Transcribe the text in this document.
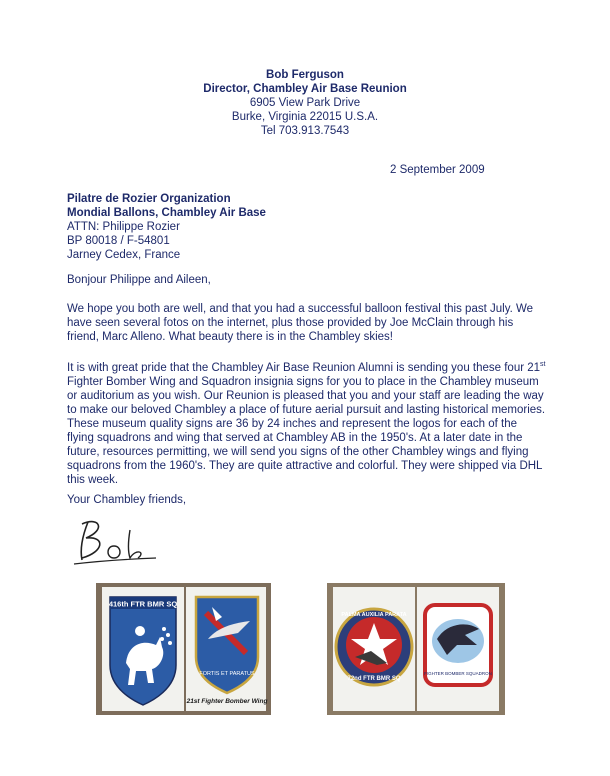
Bob Ferguson
Director, Chambley Air Base Reunion
6905 View Park Drive
Burke, Virginia 22015 U.S.A.
Tel 703.913.7543
2 September 2009
Pilatre de Rozier Organization
Mondial Ballons, Chambley Air Base
ATTN: Philippe Rozier
BP 80018 / F-54801
Jarney Cedex, France

Bonjour Philippe and Aileen,

We hope you both are well, and that you had a successful balloon festival this past July. We have seen several fotos on the internet, plus those provided by Joe McClain through his friend, Marc Alleno. What beauty there is in the Chambley skies!

It is with great pride that the Chambley Air Base Reunion Alumni is sending you these four 21st Fighter Bomber Wing and Squadron insignia signs for you to place in the Chambley museum or auditorium as you wish. Our Reunion is pleased that you and your staff are leading the way to make our beloved Chambley a place of future aerial pursuit and lasting historical memories. These museum quality signs are 36 by 24 inches and represent the logos for each of the flying squadrons and wing that served at Chambley AB in the 1950's. At a later date in the future, resources permitting, we will send you signs of the other Chambley wings and flying squadrons from the 1960's. They are quite attractive and colorful. They were shipped via DHL this week.

Your Chambley friends,

416th FTR BMR SQ
FORTIS ET PARATUS
21st Fighter Bomber Wing
PALMA AUXILIA PARATA
72nd FTR BMR SQ
FIGHTER BOMBER SQUADRON
